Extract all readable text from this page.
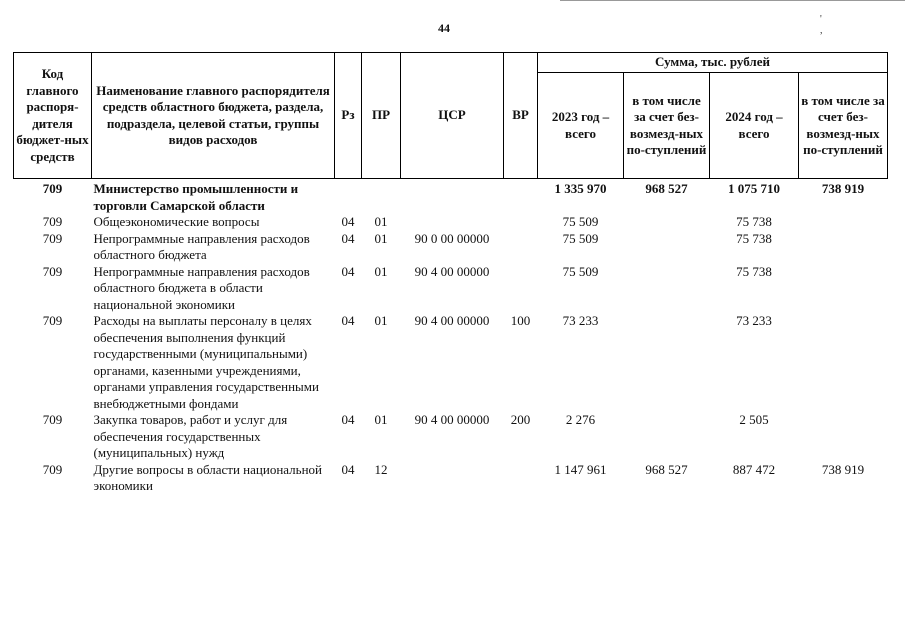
' ,
44
Код главного распоря-дителя бюджет-ных средств	Наименование главного распорядителя средств областного бюджета, раздела, подраздела, целевой статьи, группы видов расходов	Рз	ПР	ЦСР	ВР	Сумма, тыс. рублей			
						2023 год – всего	в том числе за счет без-возмезд-ных по-ступлений	2024 год – всего	в том числе за счет без-возмезд-ных по-ступлений
709	Министерство промышленности и торговли Самарской области					1 335 970	968 527	1 075 710	738 919
709	Общеэкономические вопросы	04	01			75 509		75 738	
709	Непрограммные направления расходов областного бюджета	04	01	90 0 00 00000		75 509		75 738	
709	Непрограммные направления расходов областного бюджета в области национальной экономики	04	01	90 4 00 00000		75 509		75 738	
709	Расходы на выплаты персоналу в целях обеспечения выполнения функций государственными (муниципальными) органами, казенными учреждениями, органами управления государственными внебюджетными фондами	04	01	90 4 00 00000	100	73 233		73 233	
709	Закупка товаров, работ и услуг для обеспечения государственных (муниципальных) нужд	04	01	90 4 00 00000	200	2 276		2 505	
709	Другие вопросы в области национальной экономики	04	12			1 147 961	968 527	887 472	738 919
